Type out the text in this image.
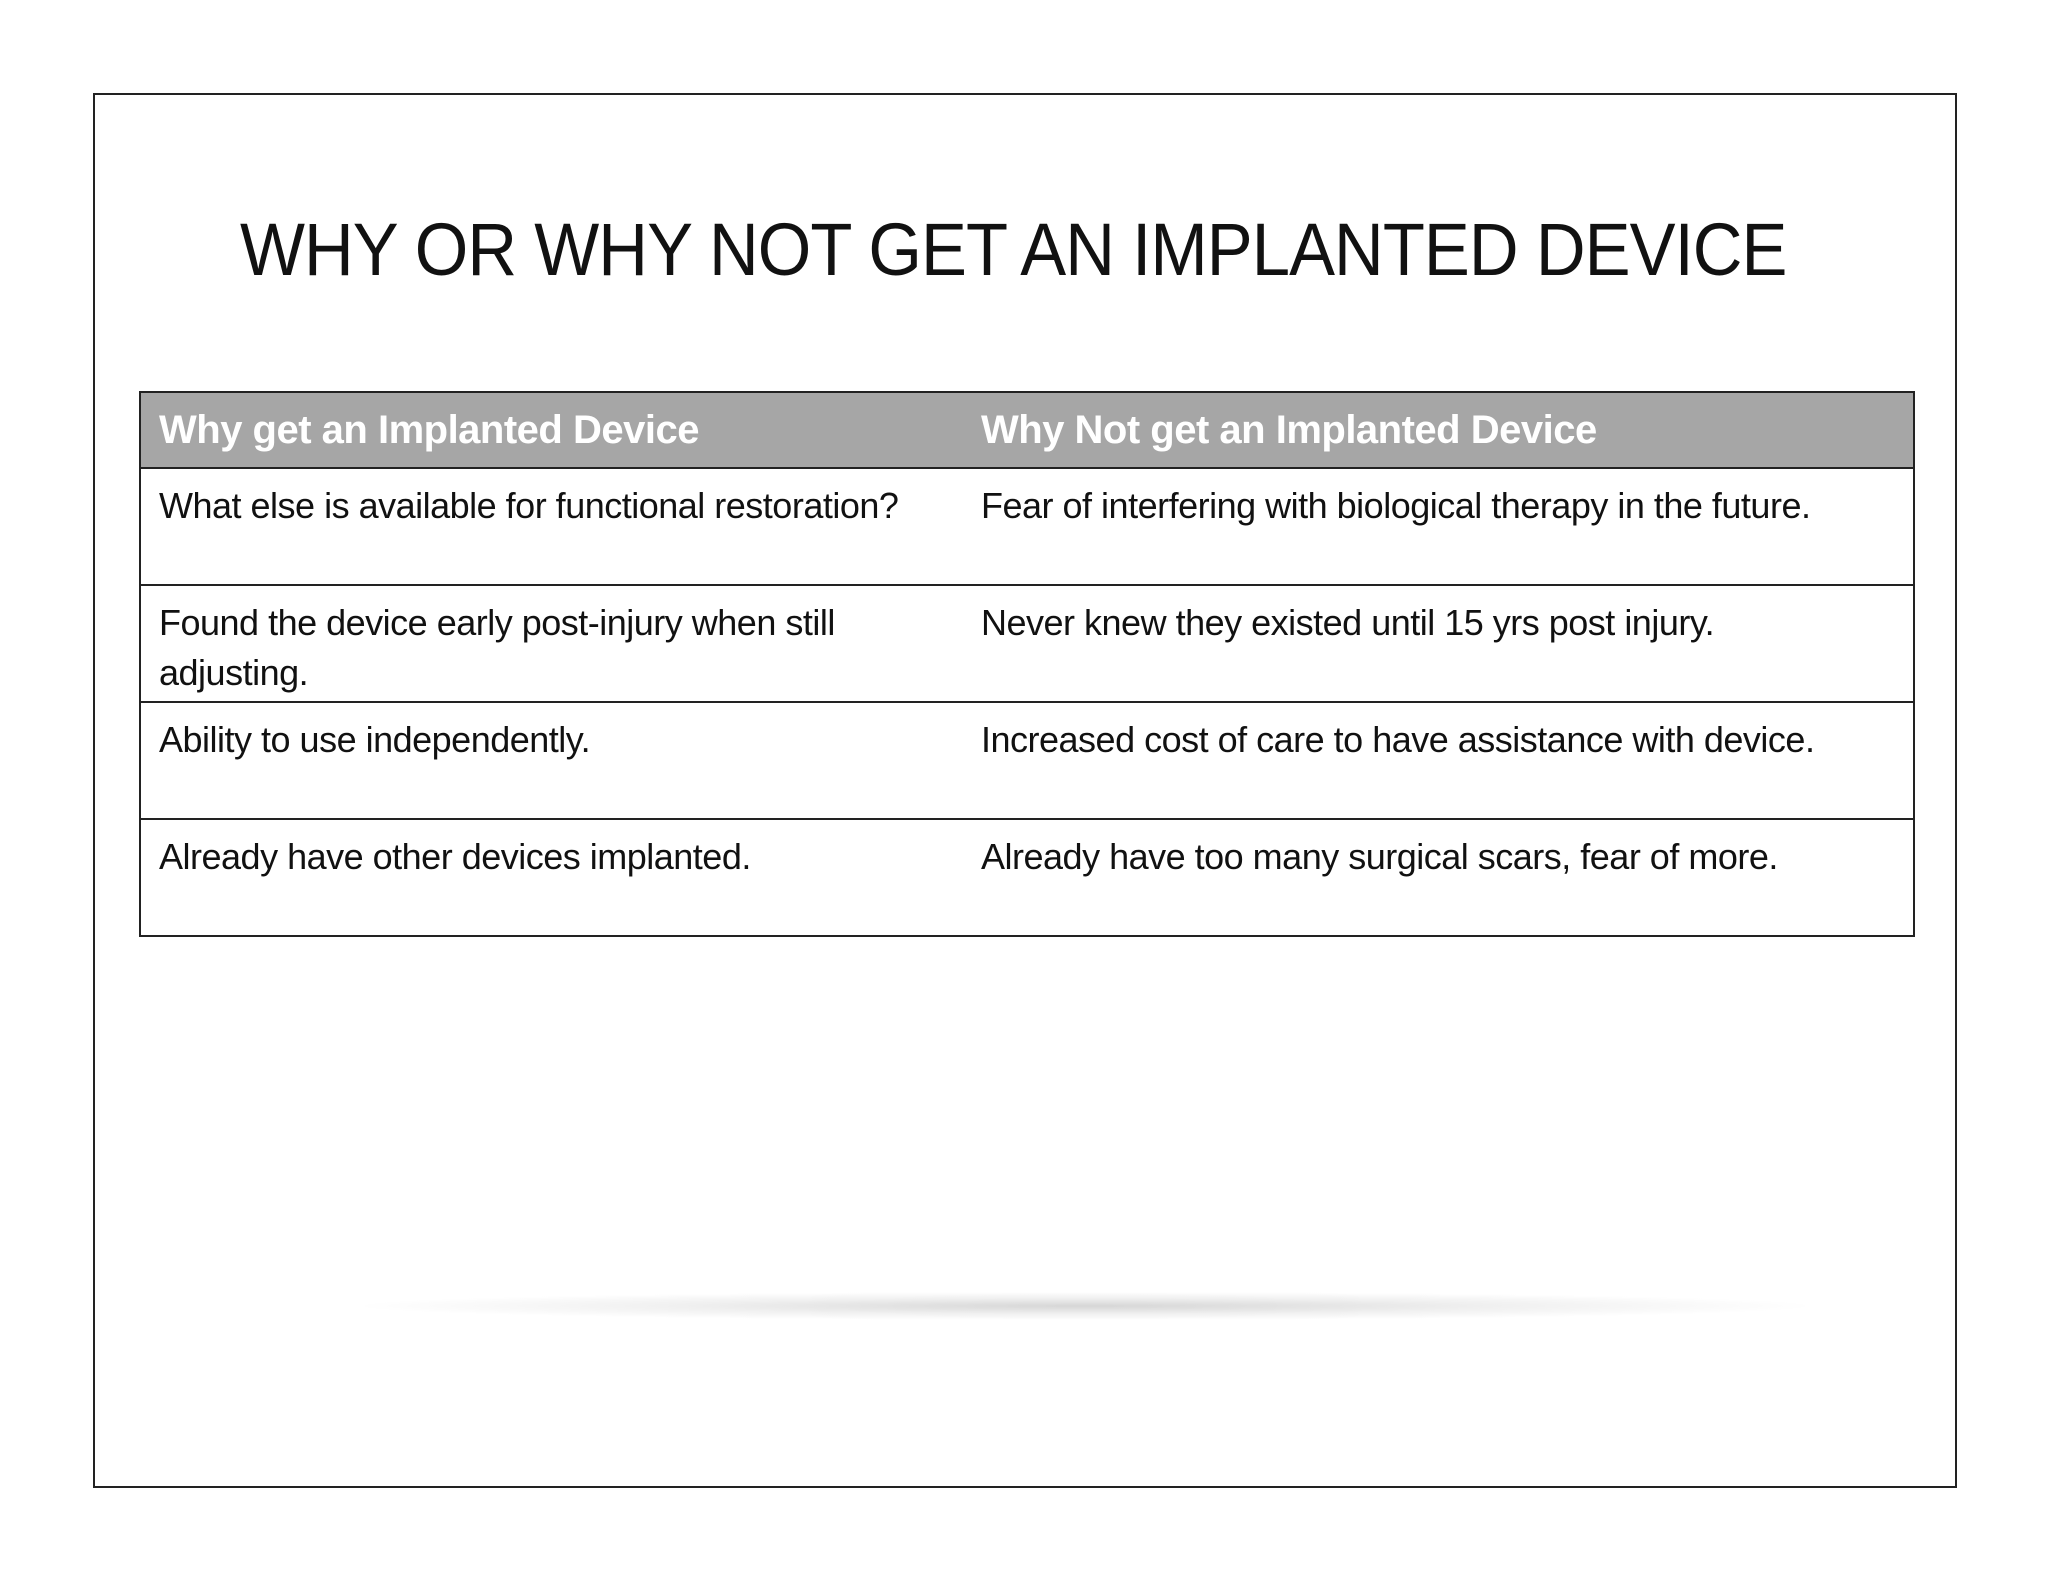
WHY OR WHY NOT GET AN IMPLANTED DEVICE
Why get an Implanted Device	Why Not get an Implanted Device
What else is available for functional restoration?	Fear of interfering with biological therapy in the future.
Found the device early post-injury when still adjusting.	Never knew they existed until 15 yrs post injury.
Ability to use independently.	Increased cost of care to have assistance with device.
Already have other devices implanted.	Already have too many surgical scars, fear of more.
